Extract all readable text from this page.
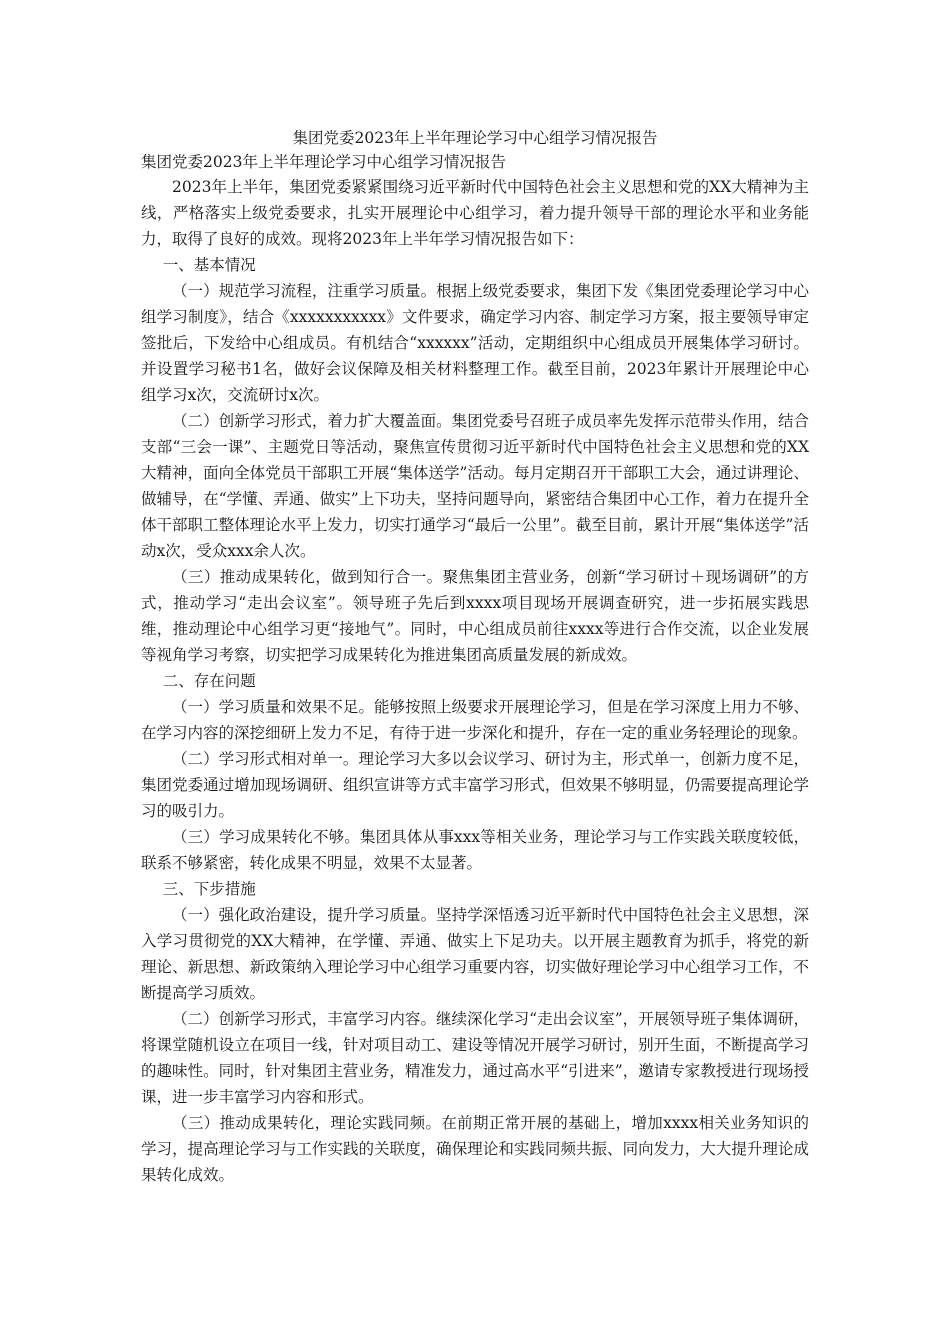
集团党委2023年上半年理论学习中心组学习情况报告

集团党委2023年上半年理论学习中心组学习情况报告

2023年上半年，集团党委紧紧围绕习近平新时代中国特色社会主义思想和党的XX大精神为主线，严格落实上级党委要求，扎实开展理论中心组学习，着力提升领导干部的理论水平和业务能力，取得了良好的成效。现将2023年上半年学习情况报告如下：

一、基本情况

（一）规范学习流程，注重学习质量。根据上级党委要求，集团下发《集团党委理论学习中心组学习制度》，结合《xxxxxxxxxxx》文件要求，确定学习内容、制定学习方案，报主要领导审定签批后，下发给中心组成员。有机结合“xxxxxx”活动，定期组织中心组成员开展集体学习研讨。并设置学习秘书1名，做好会议保障及相关材料整理工作。截至目前，2023年累计开展理论中心组学习x次，交流研讨x次。

（二）创新学习形式，着力扩大覆盖面。集团党委号召班子成员率先发挥示范带头作用，结合支部“三会一课”、主题党日等活动，聚焦宣传贯彻习近平新时代中国特色社会主义思想和党的XX大精神，面向全体党员干部职工开展“集体送学”活动。每月定期召开干部职工大会，通过讲理论、做辅导，在“学懂、弄通、做实”上下功夫，坚持问题导向，紧密结合集团中心工作，着力在提升全体干部职工整体理论水平上发力，切实打通学习“最后一公里”。截至目前，累计开展“集体送学”活动x次，受众xxx余人次。

（三）推动成果转化，做到知行合一。聚焦集团主营业务，创新“学习研讨＋现场调研”的方式，推动学习“走出会议室”。领导班子先后到xxxx项目现场开展调查研究，进一步拓展实践思维，推动理论中心组学习更“接地气”。同时，中心组成员前往xxxx等进行合作交流，以企业发展等视角学习考察，切实把学习成果转化为推进集团高质量发展的新成效。

二、存在问题

（一）学习质量和效果不足。能够按照上级要求开展理论学习，但是在学习深度上用力不够、在学习内容的深挖细研上发力不足，有待于进一步深化和提升，存在一定的重业务轻理论的现象。

（二）学习形式相对单一。理论学习大多以会议学习、研讨为主，形式单一，创新力度不足，集团党委通过增加现场调研、组织宣讲等方式丰富学习形式，但效果不够明显，仍需要提高理论学习的吸引力。

（三）学习成果转化不够。集团具体从事xxx等相关业务，理论学习与工作实践关联度较低，联系不够紧密，转化成果不明显，效果不太显著。

三、下步措施

（一）强化政治建设，提升学习质量。坚持学深悟透习近平新时代中国特色社会主义思想，深入学习贯彻党的XX大精神，在学懂、弄通、做实上下足功夫。以开展主题教育为抓手，将党的新理论、新思想、新政策纳入理论学习中心组学习重要内容，切实做好理论学习中心组学习工作，不断提高学习质效。

（二）创新学习形式，丰富学习内容。继续深化学习“走出会议室”，开展领导班子集体调研，将课堂随机设立在项目一线，针对项目动工、建设等情况开展学习研讨，别开生面，不断提高学习的趣味性。同时，针对集团主营业务，精准发力，通过高水平“引进来”，邀请专家教授进行现场授课，进一步丰富学习内容和形式。

（三）推动成果转化，理论实践同频。在前期正常开展的基础上，增加xxxx相关业务知识的学习，提高理论学习与工作实践的关联度，确保理论和实践同频共振、同向发力，大大提升理论成果转化成效。
